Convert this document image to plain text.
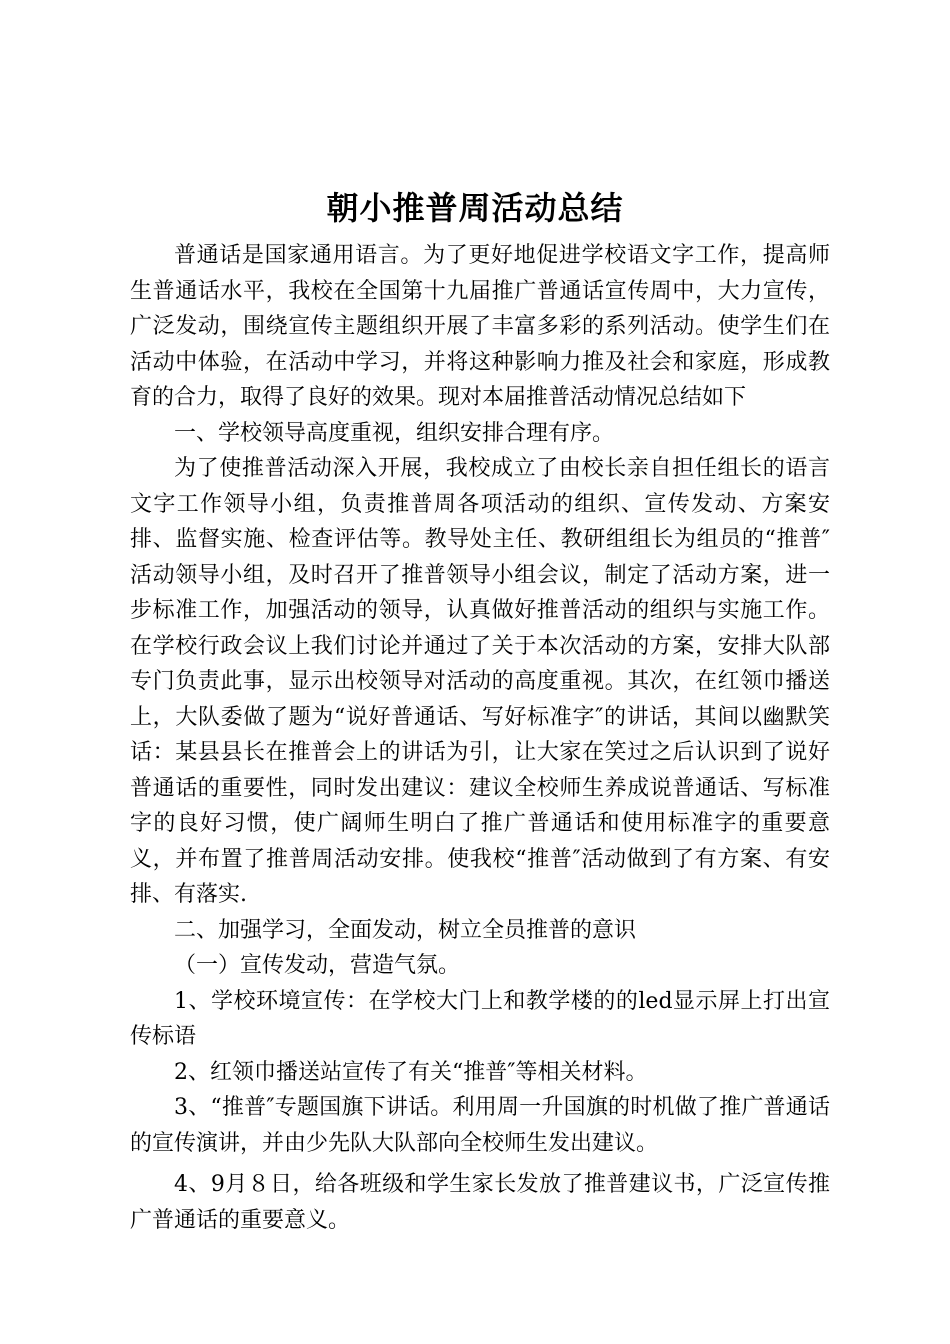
朝小推普周活动总结

普通话是国家通用语言。为了更好地促进学校语文字工作，提高师生普通话水平，我校在全国第十九届推广普通话宣传周中，大力宣传，广泛发动，围绕宣传主题组织开展了丰富多彩的系列活动。使学生们在活动中体验，在活动中学习，并将这种影响力推及社会和家庭，形成教育的合力，取得了良好的效果。现对本届推普活动情况总结如下

一、学校领导高度重视，组织安排合理有序。

为了使推普活动深入开展，我校成立了由校长亲自担任组长的语言文字工作领导小组，负责推普周各项活动的组织、宣传发动、方案安排、监督实施、检查评估等。教导处主任、教研组组长为组员的“推普″活动领导小组，及时召开了推普领导小组会议，制定了活动方案，进一步标准工作，加强活动的领导，认真做好推普活动的组织与实施工作。在学校行政会议上我们讨论并通过了关于本次活动的方案，安排大队部专门负责此事，显示出校领导对活动的高度重视。其次，在红领巾播送上，大队委做了题为“说好普通话、写好标准字″的讲话，其间以幽默笑话：某县县长在推普会上的讲话为引，让大家在笑过之后认识到了说好普通话的重要性，同时发出建议：建议全校师生养成说普通话、写标准字的良好习惯，使广阔师生明白了推广普通话和使用标准字的重要意义，并布置了推普周活动安排。使我校“推普″活动做到了有方案、有安排、有落实.

二、加强学习，全面发动，树立全员推普的意识

（一）宣传发动，营造气氛。

1、学校环境宣传：在学校大门上和教学楼的的led显示屏上打出宣传标语

2、红领巾播送站宣传了有关“推普″等相关材料。

3、“推普″专题国旗下讲话。利用周一升国旗的时机做了推广普通话的宣传演讲，并由少先队大队部向全校师生发出建议。

4、9月８日，给各班级和学生家长发放了推普建议书，广泛宣传推广普通话的重要意义。
